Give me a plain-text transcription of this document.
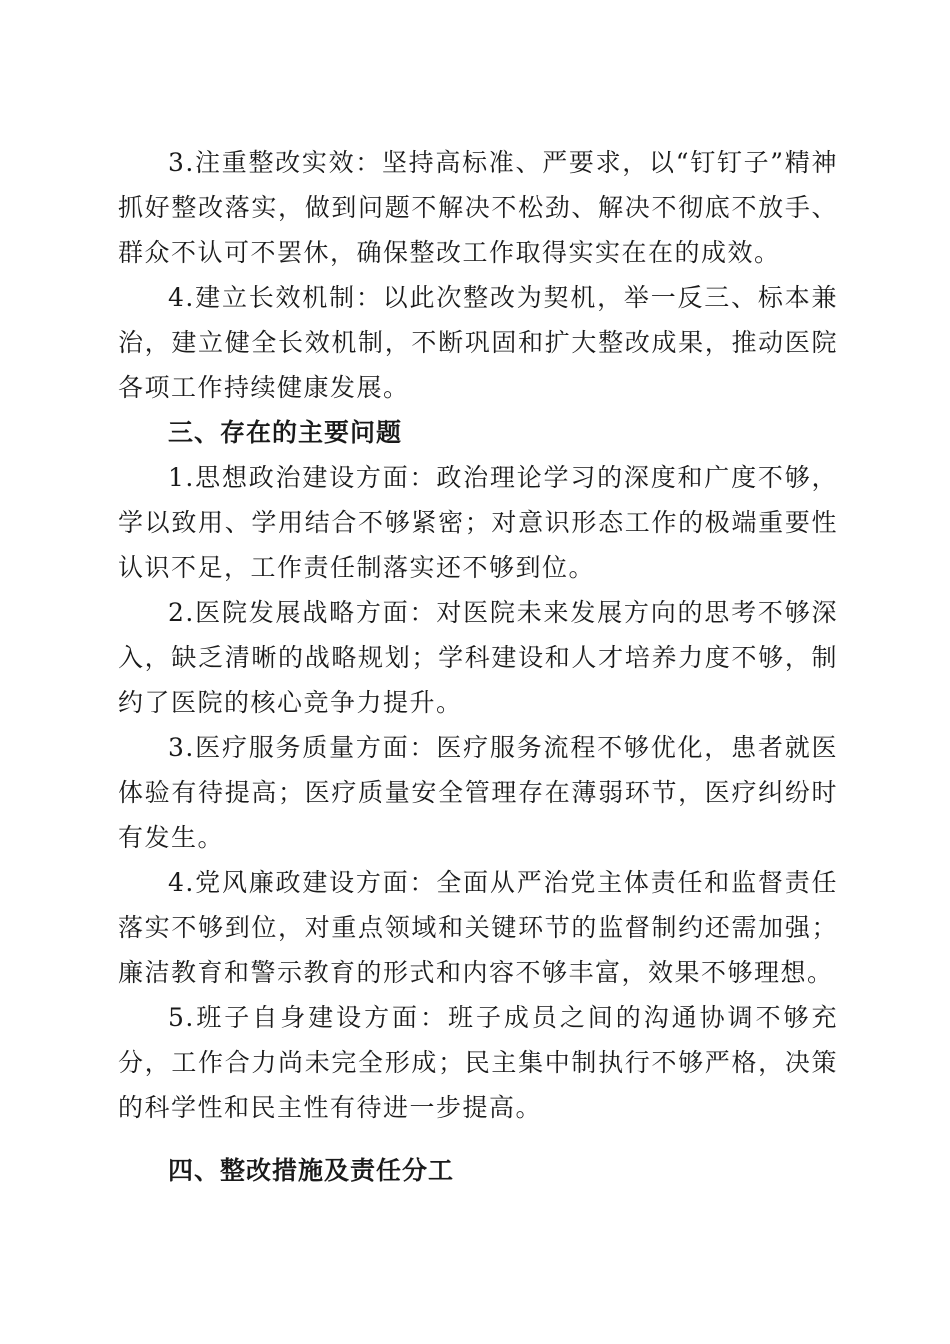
3.注重整改实效：坚持高标准、严要求，以“钉钉子”精神抓好整改落实，做到问题不解决不松劲、解决不彻底不放手、群众不认可不罢休，确保整改工作取得实实在在的成效。

4.建立长效机制：以此次整改为契机，举一反三、标本兼治，建立健全长效机制，不断巩固和扩大整改成果，推动医院各项工作持续健康发展。

三、存在的主要问题

1.思想政治建设方面：政治理论学习的深度和广度不够，学以致用、学用结合不够紧密；对意识形态工作的极端重要性认识不足，工作责任制落实还不够到位。

2.医院发展战略方面：对医院未来发展方向的思考不够深入，缺乏清晰的战略规划；学科建设和人才培养力度不够，制约了医院的核心竞争力提升。

3.医疗服务质量方面：医疗服务流程不够优化，患者就医体验有待提高；医疗质量安全管理存在薄弱环节，医疗纠纷时有发生。

4.党风廉政建设方面：全面从严治党主体责任和监督责任落实不够到位，对重点领域和关键环节的监督制约还需加强；廉洁教育和警示教育的形式和内容不够丰富，效果不够理想。

5.班子自身建设方面：班子成员之间的沟通协调不够充分，工作合力尚未完全形成；民主集中制执行不够严格，决策的科学性和民主性有待进一步提高。

四、整改措施及责任分工
